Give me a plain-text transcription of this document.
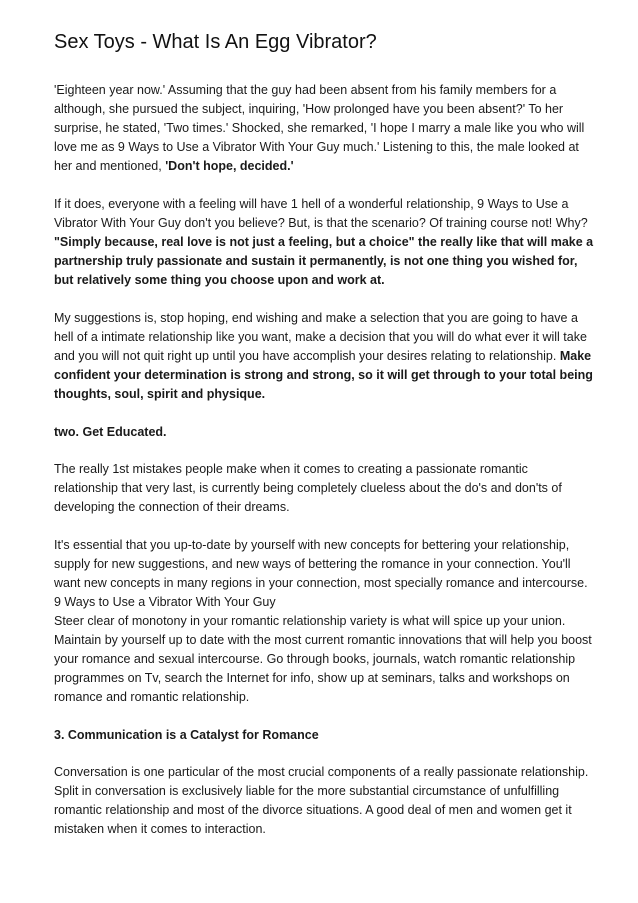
Sex Toys - What Is An Egg Vibrator?

'Eighteen year now.' Assuming that the guy had been absent from his family members for a although, she pursued the subject, inquiring, 'How prolonged have you been absent?' To her surprise, he stated, 'Two times.' Shocked, she remarked, 'I hope I marry a male like you who will love me as 9 Ways to Use a Vibrator With Your Guy much.' Listening to this, the male looked at her and mentioned, 'Don't hope, decided.'

If it does, everyone with a feeling will have 1 hell of a wonderful relationship, 9 Ways to Use a Vibrator With Your Guy don't you believe? But, is that the scenario? Of training course not! Why? "Simply because, real love is not just a feeling, but a choice" the really like that will make a partnership truly passionate and sustain it permanently, is not one thing you wished for, but relatively some thing you choose upon and work at.

My suggestions is, stop hoping, end wishing and make a selection that you are going to have a hell of a intimate relationship like you want, make a decision that you will do what ever it will take and you will not quit right up until you have accomplish your desires relating to relationship. Make confident your determination is strong and strong, so it will get through to your total being thoughts, soul, spirit and physique.

two. Get Educated.

The really 1st mistakes people make when it comes to creating a passionate romantic relationship that very last, is currently being completely clueless about the do's and don'ts of developing the connection of their dreams.

It's essential that you up-to-date by yourself with new concepts for bettering your relationship, supply for new suggestions, and new ways of bettering the romance in your connection. You'll want new concepts in many regions in your connection, most specially romance and intercourse.

9 Ways to Use a Vibrator With Your Guy

Steer clear of monotony in your romantic relationship variety is what will spice up your union. Maintain by yourself up to date with the most current romantic innovations that will help you boost your romance and sexual intercourse. Go through books, journals, watch romantic relationship programmes on Tv, search the Internet for info, show up at seminars, talks and workshops on romance and romantic relationship.

3. Communication is a Catalyst for Romance

Conversation is one particular of the most crucial components of a really passionate relationship. Split in conversation is exclusively liable for the more substantial circumstance of unfulfilling romantic relationship and most of the divorce situations. A good deal of men and women get it mistaken when it comes to interaction.
